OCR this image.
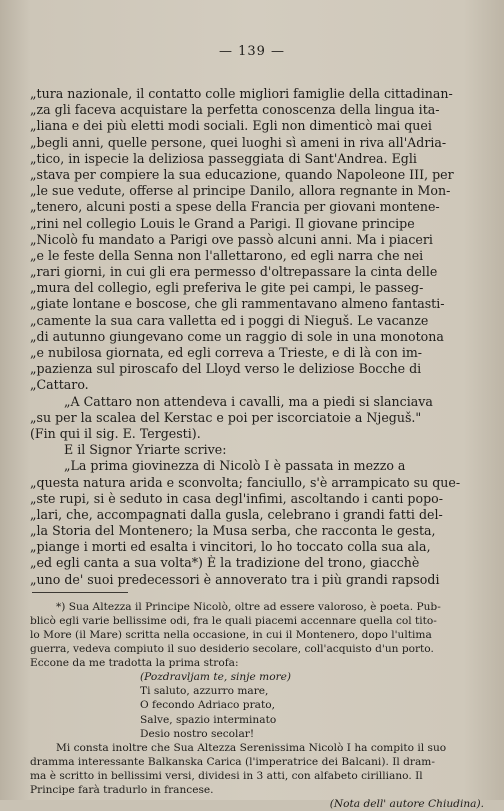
— 139 —
„tura nazionale, il contatto colle migliori famiglie della cittadinan-
„za gli faceva acquistare la perfetta conoscenza della lingua ita-
„liana e dei più eletti modi sociali. Egli non dimenticò mai quei
„begli anni, quelle persone, quei luoghi sì ameni in riva all'Adria-
„tico, in ispecie la deliziosa passeggiata di Sant'Andrea. Egli
„stava per compiere la sua educazione, quando Napoleone III, per
„le sue vedute, offerse al principe Danilo, allora regnante in Mon-
„tenero, alcuni posti a spese della Francia per giovani montene-
„rini nel collegio Louis le Grand a Parigi. Il giovane principe
„Nicolò fu mandato a Parigi ove passò alcuni anni. Ma i piaceri
„e le feste della Senna non l'allettarono, ed egli narra che nei
„rari giorni, in cui gli era permesso d'oltrepassare la cinta delle
„mura del collegio, egli preferiva le gite pei campi, le passeg-
„giate lontane e boscose, che gli rammentavano almeno fantasti-
„camente la sua cara valletta ed i poggi di Nieguš. Le vacanze
„di autunno giungevano come un raggio di sole in una monotona
„e nubilosa giornata, ed egli correva a Trieste, e di là con im-
„pazienza sul piroscafo del Lloyd verso le deliziose Bocche di
„Cattaro.
„A Cattaro non attendeva i cavalli, ma a piedi si slanciava
„su per la scalea del Kerstac e poi per iscorciatoie a Njeguš."
(Fin qui il sig. E. Tergesti).
E il Signor Yriarte scrive:
„La prima giovinezza di Nicolò I è passata in mezzo a
„questa natura arida e sconvolta; fanciullo, s'è arrampicato su que-
„ste rupi, si è seduto in casa degl'infimi, ascoltando i canti popo-
„lari, che, accompagnati dalla gusla, celebrano i grandi fatti del-
„la Storia del Montenero; la Musa serba, che racconta le gesta,
„piange i morti ed esalta i vincitori, lo ho toccato colla sua ala,
„ed egli canta a sua volta*) È la tradizione del trono, giacchè
„uno de' suoi predecessori è annoverato tra i più grandi rapsodi
*) Sua Altezza il Principe Nicolò, oltre ad essere valoroso, è poeta. Pub-
blicò egli varie bellissime odi, fra le quali piacemi accennare quella col tito-
lo More (il Mare) scritta nella occasione, in cui il Montenero, dopo l'ultima
guerra, vedeva compiuto il suo desiderio secolare, coll'acquisto d'un porto.
Eccone da me tradotta la prima strofa:
(Pozdravljam te, sinje more)
Ti saluto, azzurro mare,
O fecondo Adriaco prato,
Salve, spazio interminato
Desio nostro secolar!
Mi consta inoltre che Sua Altezza Serenissima Nicolò I ha compito il suo
dramma interessante Balkanska Carica (l'imperatrice dei Balcani). Il dram-
ma è scritto in bellissimi versi, dividesi in 3 atti, con alfabeto cirilliano. Il
Principe farà tradurlo in francese.
(Nota dell' autore Chiudina).
